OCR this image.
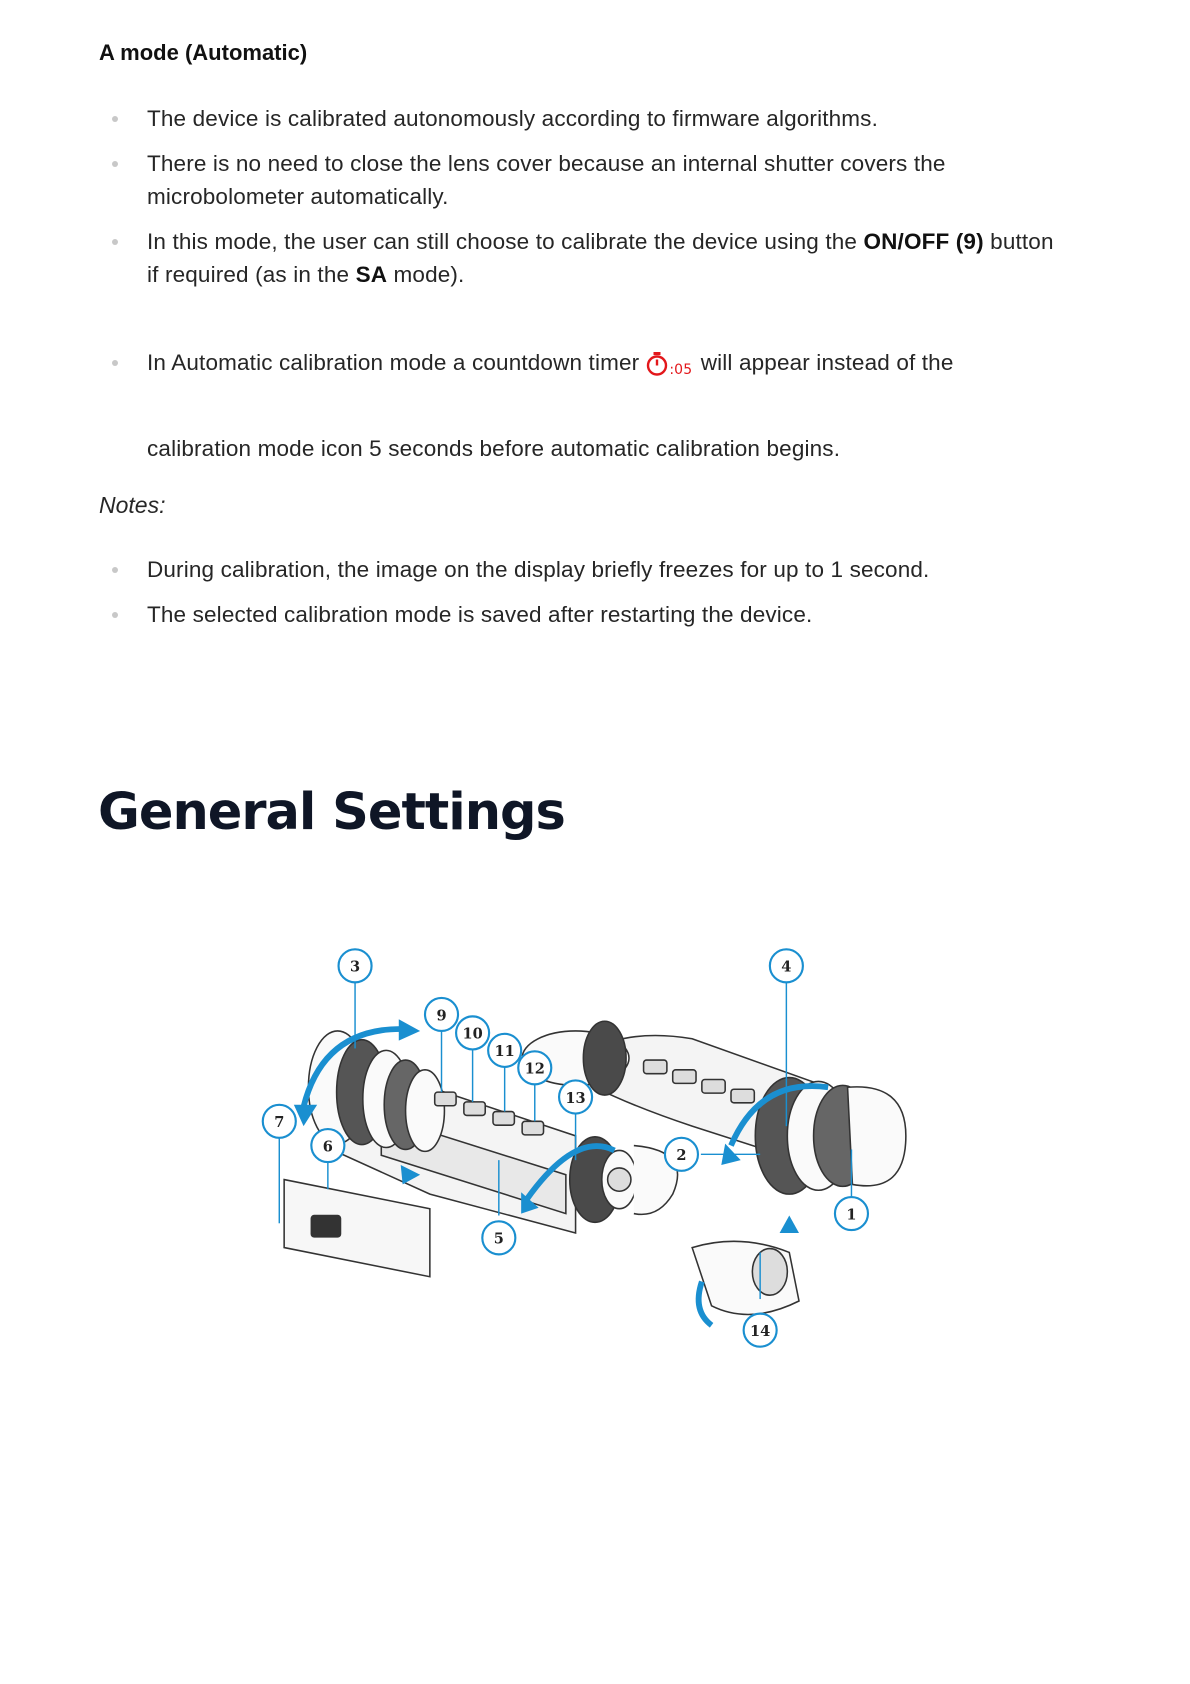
A mode (Automatic)
The device is calibrated autonomously according to firmware algorithms.
There is no need to close the lens cover because an internal shutter covers the microbolometer automatically.
In this mode, the user can still choose to calibrate the device using the ON/OFF (9) button if required (as in the SA mode).
In Automatic calibration mode a countdown timer :05 will appear instead of the
calibration mode icon 5 seconds before automatic calibration begins.

Notes:

During calibration, the image on the display briefly freezes for up to 1 second.
The selected calibration mode is saved after restarting the device.
General Settings
1
2
3	4
5
6
7
9
10
11
12
13
14
